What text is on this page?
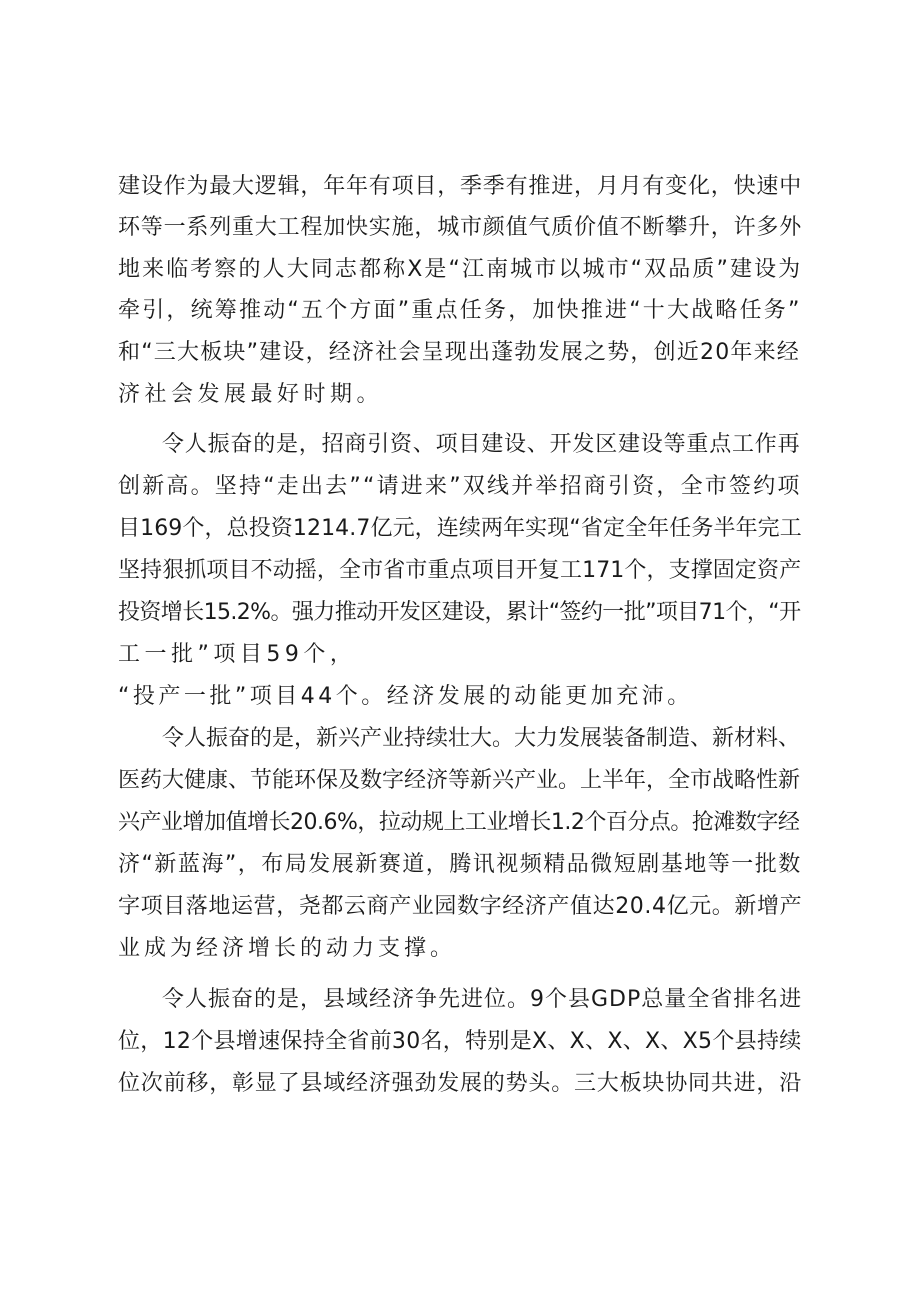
建设作为最大逻辑，年年有项目，季季有推进，月月有变化，快速中
环等一系列重大工程加快实施，城市颜值气质价值不断攀升，许多外
地来临考察的人大同志都称X是“江南城市以城市“双品质”建设为
牵引，统筹推动“五个方面”重点任务，加快推进“十大战略任务”
和“三大板块”建设，经济社会呈现出蓬勃发展之势，创近20年来经
济社会发展最好时期。
令人振奋的是，招商引资、项目建设、开发区建设等重点工作再
创新高。坚持“走出去”“请进来”双线并举招商引资，全市签约项
目169个，总投资1214.7亿元，连续两年实现“省定全年任务半年完工
坚持狠抓项目不动摇，全市省市重点项目开复工171个，支撑固定资产
投资增长15.2%。强力推动开发区建设，累计“签约一批”项目71个，“开
工一批”项目59个，
“投产一批”项目44个。经济发展的动能更加充沛。
令人振奋的是，新兴产业持续壮大。大力发展装备制造、新材料、
医药大健康、节能环保及数字经济等新兴产业。上半年，全市战略性新
兴产业增加值增长20.6%，拉动规上工业增长1.2个百分点。抢滩数字经
济“新蓝海”，布局发展新赛道，腾讯视频精品微短剧基地等一批数
字项目落地运营，尧都云商产业园数字经济产值达20.4亿元。新增产
业成为经济增长的动力支撑。
令人振奋的是，县域经济争先进位。9个县GDP总量全省排名进
位，12个县增速保持全省前30名，特别是X、X、X、X、X5个县持续
位次前移，彰显了县域经济强劲发展的势头。三大板块协同共进，沿
